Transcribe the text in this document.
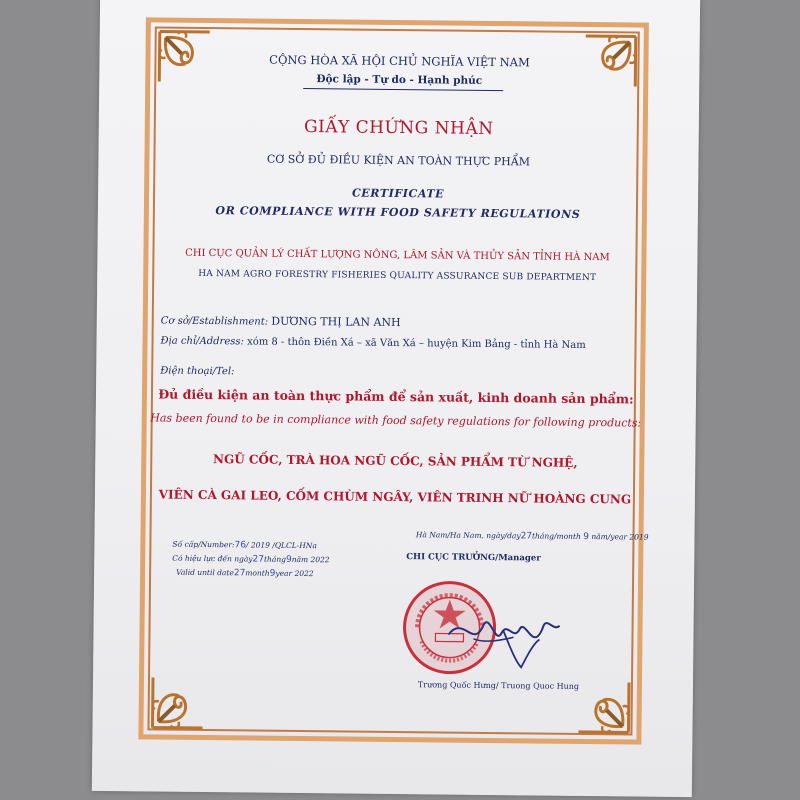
CỘNG HÒA XÃ HỘI CHỦ NGHĨA VIỆT NAM
Độc lập - Tự do - Hạnh phúc
GIẤY CHỨNG NHẬN
CƠ SỞ ĐỦ ĐIỀU KIỆN AN TOÀN THỰC PHẨM
CERTIFICATE
OR COMPLIANCE WITH FOOD SAFETY REGULATIONS
CHI CỤC QUẢN LÝ CHẤT LƯỢNG NÔNG, LÂM SẢN VÀ THỦY SẢN TỈNH HÀ NAM
HA NAM AGRO FORESTRY FISHERIES QUALITY ASSURANCE SUB DEPARTMENT
Cơ sở/Establishment: DƯƠNG THỊ LAN ANH
Địa chỉ/Address: xóm 8 - thôn Điền Xá – xã Văn Xá – huyện Kim Bảng - tỉnh Hà Nam
Điện thoại/Tel:
Đủ điều kiện an toàn thực phẩm để sản xuất, kinh doanh sản phẩm:
Has been found to be in compliance with food safety regulations for following products:
NGŨ CỐC, TRÀ HOA NGŨ CỐC, SẢN PHẨM TỪ NGHỆ,
VIÊN CÀ GAI LEO, CỐM CHÙM NGÂY, VIÊN TRINH NỮ HOÀNG CUNG
Số cấp/Number:76/ 2019 /QLCL-HNa
Có hiệu lực đến ngày27tháng9năm 2022
Valid until date27month9year 2022
Hà Nam/Ha Nam, ngày/day27tháng/month 9 năm/year 2019
CHI CỤC TRƯỞNG/Manager
Trương Quốc Hưng/ Truong Quoc Hung
